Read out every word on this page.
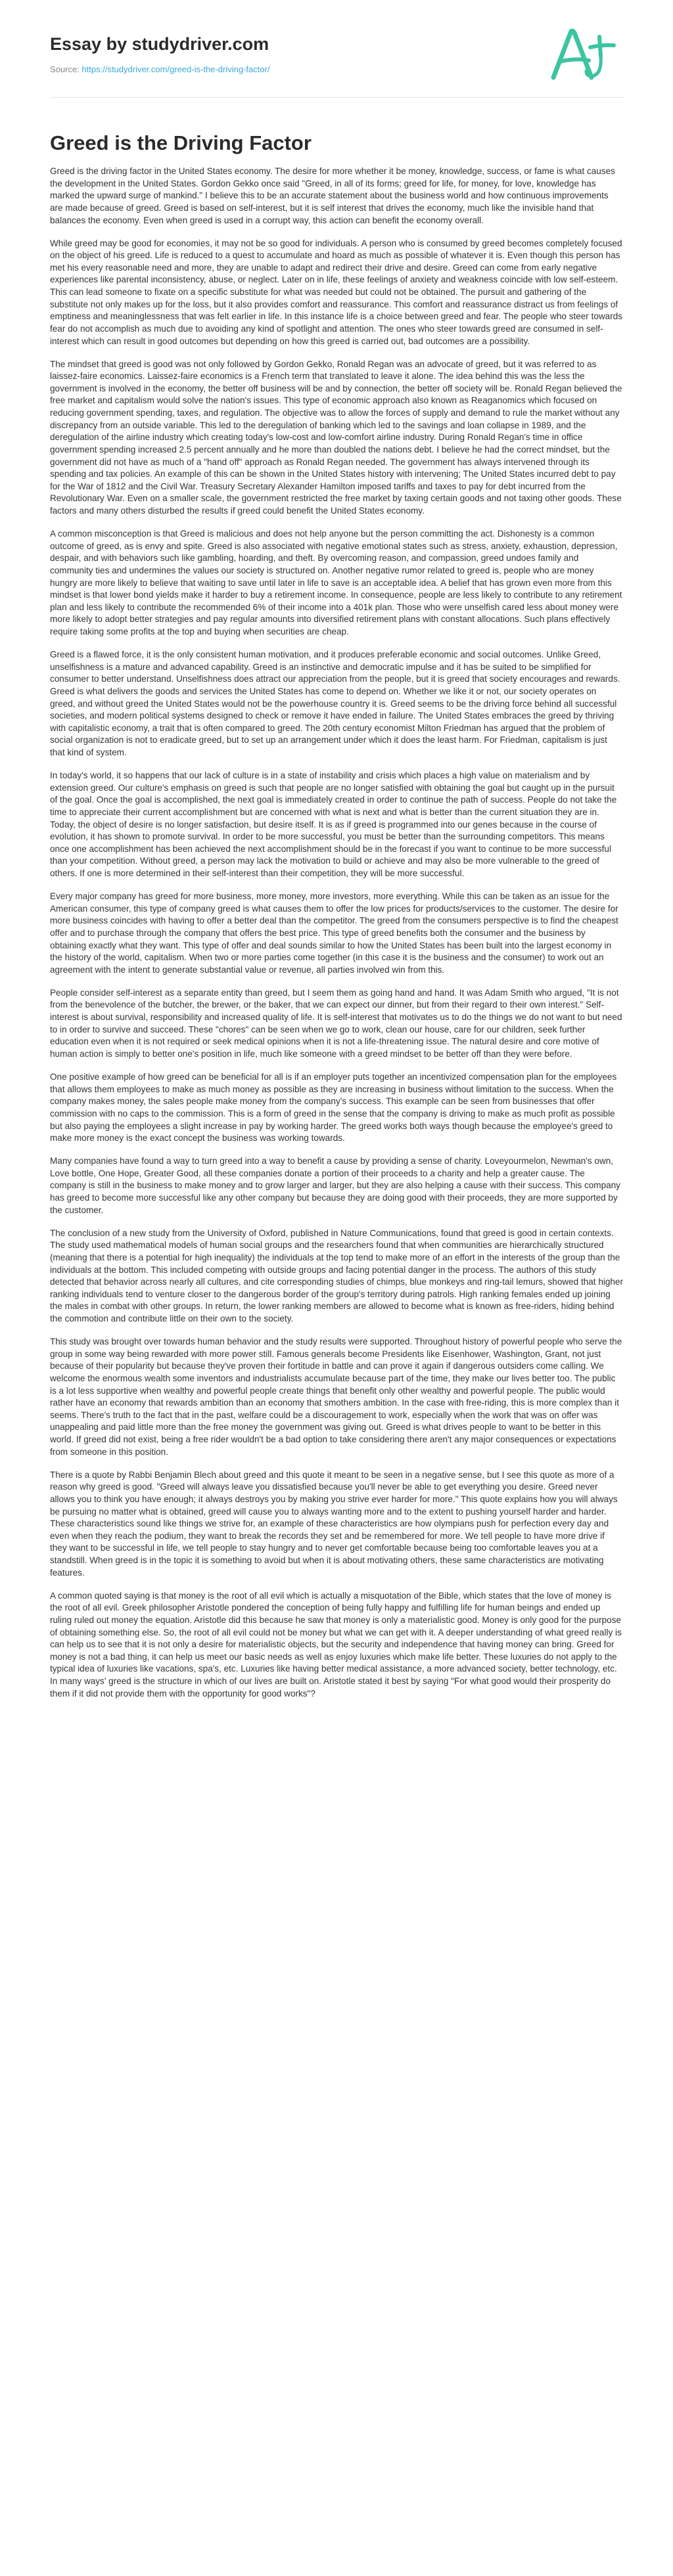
Essay by studydriver.com
Source: https://studydriver.com/greed-is-the-driving-factor/
Greed is the Driving Factor

Greed is the driving factor in the United States economy. The desire for more whether it be money, knowledge, success, or fame is what causes the development in the United States. Gordon Gekko once said "Greed, in all of its forms; greed for life, for money, for love, knowledge has marked the upward surge of mankind." I believe this to be an accurate statement about the business world and how continuous improvements are made because of greed. Greed is based on self-interest, but it is self interest that drives the economy, much like the invisible hand that balances the economy. Even when greed is used in a corrupt way, this action can benefit the economy overall.

While greed may be good for economies, it may not be so good for individuals. A person who is consumed by greed becomes completely focused on the object of his greed. Life is reduced to a quest to accumulate and hoard as much as possible of whatever it is. Even though this person has met his every reasonable need and more, they are unable to adapt and redirect their drive and desire. Greed can come from early negative experiences like parental inconsistency, abuse, or neglect. Later on in life, these feelings of anxiety and weakness coincide with low self-esteem. This can lead someone to fixate on a specific substitute for what was needed but could not be obtained. The pursuit and gathering of the substitute not only makes up for the loss, but it also provides comfort and reassurance. This comfort and reassurance distract us from feelings of emptiness and meaninglessness that was felt earlier in life. In this instance life is a choice between greed and fear. The people who steer towards fear do not accomplish as much due to avoiding any kind of spotlight and attention. The ones who steer towards greed are consumed in self-interest which can result in good outcomes but depending on how this greed is carried out, bad outcomes are a possibility.

The mindset that greed is good was not only followed by Gordon Gekko, Ronald Regan was an advocate of greed, but it was referred to as laissez-faire economics. Laissez-faire economics is a French term that translated to leave it alone. The idea behind this was the less the government is involved in the economy, the better off business will be and by connection, the better off society will be. Ronald Regan believed the free market and capitalism would solve the nation's issues. This type of economic approach also known as Reaganomics which focused on reducing government spending, taxes, and regulation. The objective was to allow the forces of supply and demand to rule the market without any discrepancy from an outside variable. This led to the deregulation of banking which led to the savings and loan collapse in 1989, and the deregulation of the airline industry which creating today's low-cost and low-comfort airline industry. During Ronald Regan's time in office government spending increased 2.5 percent annually and he more than doubled the nations debt. I believe he had the correct mindset, but the government did not have as much of a "hand off" approach as Ronald Regan needed. The government has always intervened through its spending and tax policies. An example of this can be shown in the United States history with intervening; The United States incurred debt to pay for the War of 1812 and the Civil War. Treasury Secretary Alexander Hamilton imposed tariffs and taxes to pay for debt incurred from the Revolutionary War. Even on a smaller scale, the government restricted the free market by taxing certain goods and not taxing other goods. These factors and many others disturbed the results if greed could benefit the United States economy.

A common misconception is that Greed is malicious and does not help anyone but the person committing the act. Dishonesty is a common outcome of greed, as is envy and spite. Greed is also associated with negative emotional states such as stress, anxiety, exhaustion, depression, despair, and with behaviors such like gambling, hoarding, and theft. By overcoming reason, and compassion, greed undoes family and community ties and undermines the values our society is structured on. Another negative rumor related to greed is, people who are money hungry are more likely to believe that waiting to save until later in life to save is an acceptable idea. A belief that has grown even more from this mindset is that lower bond yields make it harder to buy a retirement income. In consequence, people are less likely to contribute to any retirement plan and less likely to contribute the recommended 6% of their income into a 401k plan. Those who were unselfish cared less about money were more likely to adopt better strategies and pay regular amounts into diversified retirement plans with constant allocations. Such plans effectively require taking some profits at the top and buying when securities are cheap.

Greed is a flawed force, it is the only consistent human motivation, and it produces preferable economic and social outcomes. Unlike Greed, unselfishness is a mature and advanced capability. Greed is an instinctive and democratic impulse and it has be suited to be simplified for consumer to better understand. Unselfishness does attract our appreciation from the people, but it is greed that society encourages and rewards. Greed is what delivers the goods and services the United States has come to depend on. Whether we like it or not, our society operates on greed, and without greed the United States would not be the powerhouse country it is. Greed seems to be the driving force behind all successful societies, and modern political systems designed to check or remove it have ended in failure. The United States embraces the greed by thriving with capitalistic economy, a trait that is often compared to greed. The 20th century economist Milton Friedman has argued that the problem of social organization is not to eradicate greed, but to set up an arrangement under which it does the least harm. For Friedman, capitalism is just that kind of system.

In today's world, it so happens that our lack of culture is in a state of instability and crisis which places a high value on materialism and by extension greed. Our culture's emphasis on greed is such that people are no longer satisfied with obtaining the goal but caught up in the pursuit of the goal. Once the goal is accomplished, the next goal is immediately created in order to continue the path of success. People do not take the time to appreciate their current accomplishment but are concerned with what is next and what is better than the current situation they are in. Today, the object of desire is no longer satisfaction, but desire itself. It is as if greed is programmed into our genes because in the course of evolution, it has shown to promote survival. In order to be more successful, you must be better than the surrounding competitors. This means once one accomplishment has been achieved the next accomplishment should be in the forecast if you want to continue to be more successful than your competition. Without greed, a person may lack the motivation to build or achieve and may also be more vulnerable to the greed of others. If one is more determined in their self-interest than their competition, they will be more successful.

Every major company has greed for more business, more money, more investors, more everything. While this can be taken as an issue for the American consumer, this type of company greed is what causes them to offer the low prices for products/services to the customer. The desire for more business coincides with having to offer a better deal than the competitor. The greed from the consumers perspective is to find the cheapest offer and to purchase through the company that offers the best price. This type of greed benefits both the consumer and the business by obtaining exactly what they want. This type of offer and deal sounds similar to how the United States has been built into the largest economy in the history of the world, capitalism. When two or more parties come together (in this case it is the business and the consumer) to work out an agreement with the intent to generate substantial value or revenue, all parties involved win from this.

People consider self-interest as a separate entity than greed, but I seem them as going hand and hand. It was Adam Smith who argued, "It is not from the benevolence of the butcher, the brewer, or the baker, that we can expect our dinner, but from their regard to their own interest." Self-interest is about survival, responsibility and increased quality of life. It is self-interest that motivates us to do the things we do not want to but need to in order to survive and succeed. These "chores" can be seen when we go to work, clean our house, care for our children, seek further education even when it is not required or seek medical opinions when it is not a life-threatening issue. The natural desire and core motive of human action is simply to better one's position in life, much like someone with a greed mindset to be better off than they were before.

One positive example of how greed can be beneficial for all is if an employer puts together an incentivized compensation plan for the employees that allows them employees to make as much money as possible as they are increasing in business without limitation to the success. When the company makes money, the sales people make money from the company's success. This example can be seen from businesses that offer commission with no caps to the commission. This is a form of greed in the sense that the company is driving to make as much profit as possible but also paying the employees a slight increase in pay by working harder. The greed works both ways though because the employee's greed to make more money is the exact concept the business was working towards.

Many companies have found a way to turn greed into a way to benefit a cause by providing a sense of charity. Loveyourmelon, Newman's own, Love bottle, One Hope, Greater Good, all these companies donate a portion of their proceeds to a charity and help a greater cause. The company is still in the business to make money and to grow larger and larger, but they are also helping a cause with their success. This company has greed to become more successful like any other company but because they are doing good with their proceeds, they are more supported by the customer.

The conclusion of a new study from the University of Oxford, published in Nature Communications, found that greed is good in certain contexts. The study used mathematical models of human social groups and the researchers found that when communities are hierarchically structured (meaning that there is a potential for high inequality) the individuals at the top tend to make more of an effort in the interests of the group than the individuals at the bottom. This included competing with outside groups and facing potential danger in the process. The authors of this study detected that behavior across nearly all cultures, and cite corresponding studies of chimps, blue monkeys and ring-tail lemurs, showed that higher ranking individuals tend to venture closer to the dangerous border of the group's territory during patrols. High ranking females ended up joining the males in combat with other groups. In return, the lower ranking members are allowed to become what is known as free-riders, hiding behind the commotion and contribute little on their own to the society.

This study was brought over towards human behavior and the study results were supported. Throughout history of powerful people who serve the group in some way being rewarded with more power still. Famous generals become Presidents like Eisenhower, Washington, Grant, not just because of their popularity but because they've proven their fortitude in battle and can prove it again if dangerous outsiders come calling. We welcome the enormous wealth some inventors and industrialists accumulate because part of the time, they make our lives better too. The public is a lot less supportive when wealthy and powerful people create things that benefit only other wealthy and powerful people. The public would rather have an economy that rewards ambition than an economy that smothers ambition. In the case with free-riding, this is more complex than it seems. There's truth to the fact that in the past, welfare could be a discouragement to work, especially when the work that was on offer was unappealing and paid little more than the free money the government was giving out. Greed is what drives people to want to be better in this world. If greed did not exist, being a free rider wouldn't be a bad option to take considering there aren't any major consequences or expectations from someone in this position.

There is a quote by Rabbi Benjamin Blech about greed and this quote it meant to be seen in a negative sense, but I see this quote as more of a reason why greed is good. "Greed will always leave you dissatisfied because you'll never be able to get everything you desire. Greed never allows you to think you have enough; it always destroys you by making you strive ever harder for more." This quote explains how you will always be pursuing no matter what is obtained, greed will cause you to always wanting more and to the extent to pushing yourself harder and harder. These characteristics sound like things we strive for, an example of these characteristics are how olympians push for perfection every day and even when they reach the podium, they want to break the records they set and be remembered for more. We tell people to have more drive if they want to be successful in life, we tell people to stay hungry and to never get comfortable because being too comfortable leaves you at a standstill. When greed is in the topic it is something to avoid but when it is about motivating others, these same characteristics are motivating features.

A common quoted saying is that money is the root of all evil which is actually a misquotation of the Bible, which states that the love of money is the root of all evil. Greek philosopher Aristotle pondered the conception of being fully happy and fulfilling life for human beings and ended up ruling ruled out money the equation. Aristotle did this because he saw that money is only a materialistic good. Money is only good for the purpose of obtaining something else. So, the root of all evil could not be money but what we can get with it. A deeper understanding of what greed really is can help us to see that it is not only a desire for materialistic objects, but the security and independence that having money can bring. Greed for money is not a bad thing, it can help us meet our basic needs as well as enjoy luxuries which make life better. These luxuries do not apply to the typical idea of luxuries like vacations, spa's, etc. Luxuries like having better medical assistance, a more advanced society, better technology, etc. In many ways' greed is the structure in which of our lives are built on. Aristotle stated it best by saying "For what good would their prosperity do them if it did not provide them with the opportunity for good works"?
